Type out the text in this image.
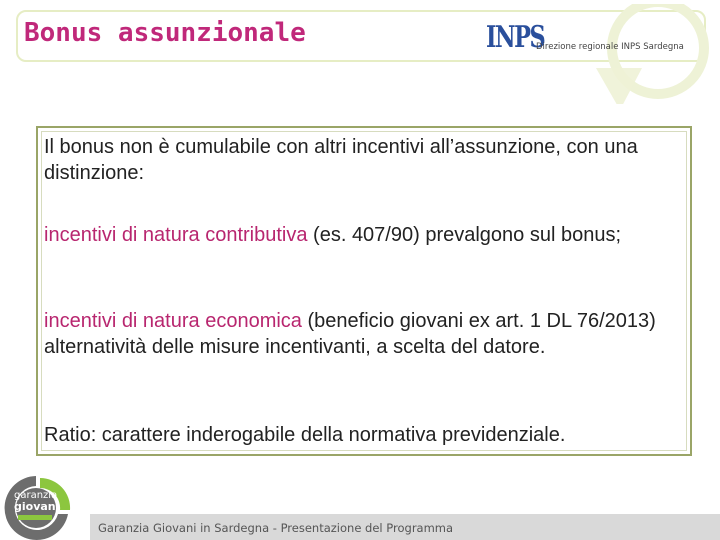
Bonus assunzionale	INPS
Direzione regionale INPS Sardegna

Il bonus non è cumulabile con altri incentivi all’assunzione, con una distinzione:

incentivi di natura contributiva (es. 407/90) prevalgono sul bonus;

incentivi di natura economica (beneficio giovani ex art. 1 DL 76/2013) alternatività delle misure incentivanti, a scelta del datore.

Ratio: carattere inderogabile della normativa previdenziale.

Garanzia Giovani in Sardegna - Presentazione del Programma
garanzia
giovani
